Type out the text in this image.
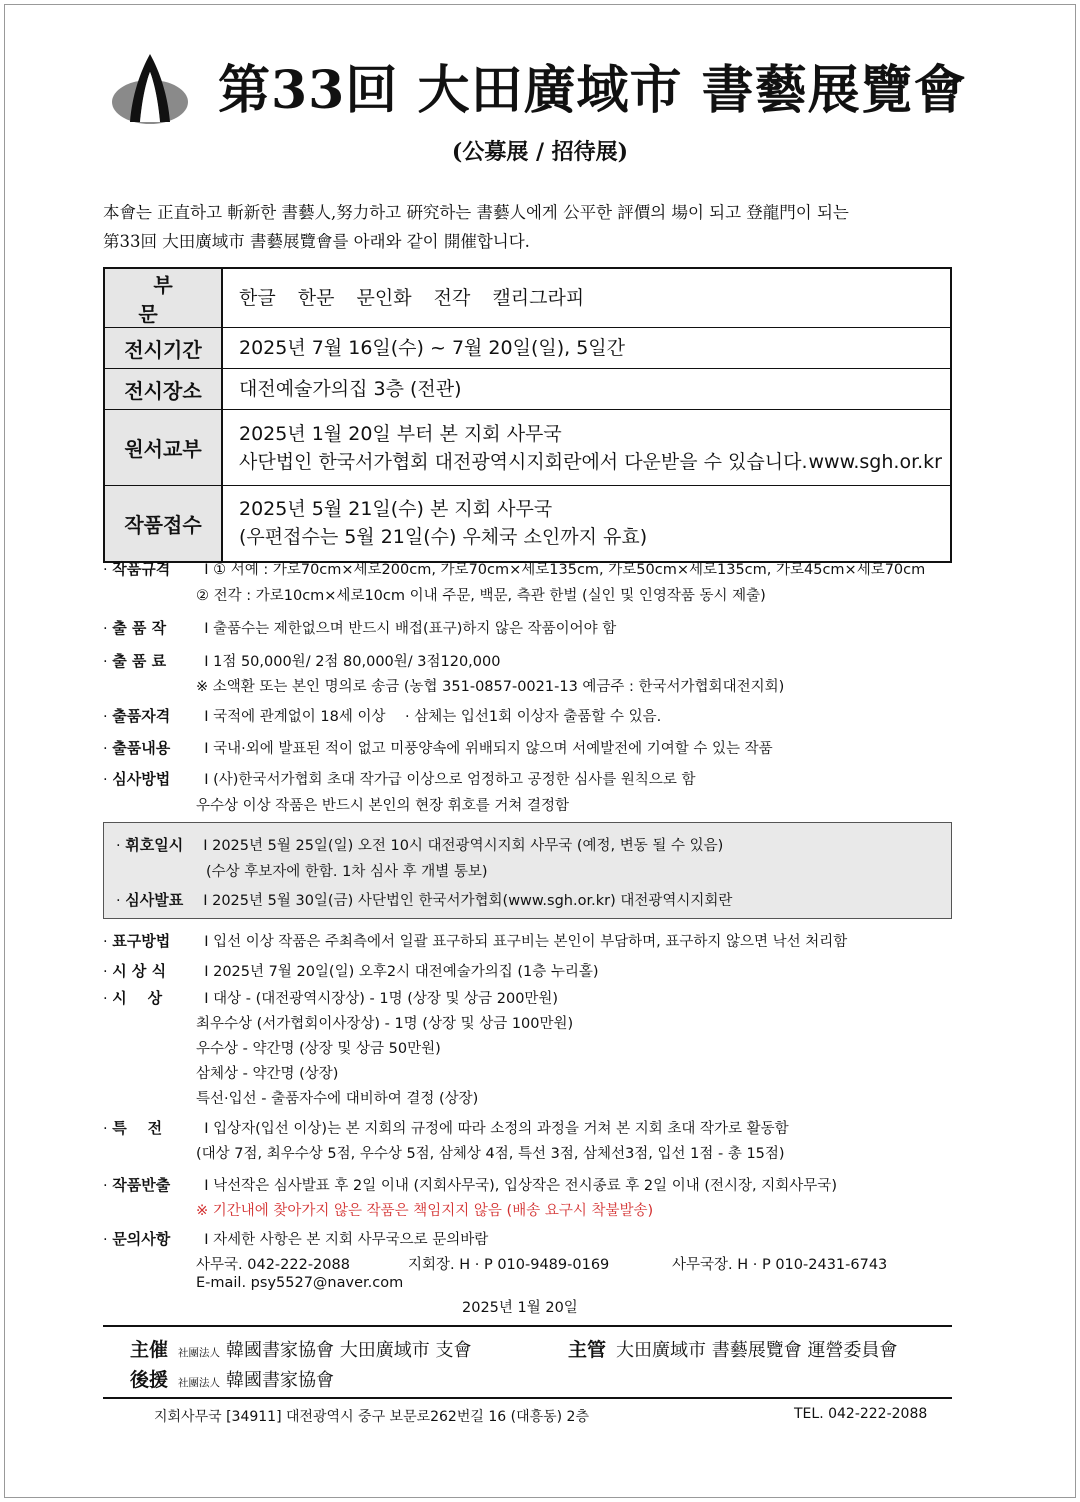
第33回 大田廣域市 書藝展覽會
(公募展 / 招待展)
本會는 正直하고 斬新한 書藝人,努力하고 硏究하는 書藝人에게 公平한 評價의 場이 되고 登龍門이 되는
第33回 大田廣域市 書藝展覽會를 아래와 같이 開催합니다.
부 문	한글 한문 문인화 전각 캘리그라피
전시기간	2025년 7월 16일(수) ~ 7월 20일(일), 5일간
전시장소	대전예술가의집 3층 (전관)
원서교부	2025년 1월 20일 부터 본 지회 사무국
사단법인 한국서가협회 대전광역시지회란에서 다운받을 수 있습니다. www.sgh.or.kr

작품접수	2025년 5월 21일(수) 본 지회 사무국
(우편접수는 5월 21일(수) 우체국 소인까지 유효)
· 작품규격 I ① 서예 : 가로70cm×세로200cm, 가로70cm×세로135cm, 가로50cm×세로135cm, 가로45cm×세로70cm
② 전각 : 가로10cm×세로10cm 이내 주문, 백문, 측관 한벌 (실인 및 인영작품 동시 제출)
· 출 품 작	I 출품수는 제한없으며 반드시 배접(표구)하지 않은 작품이어야 함
· 출 품 료	I 1점 50,000원/ 2점 80,000원/ 3점120,000
※ 소액환 또는 본인 명의로 송금 (농협 351-0857-0021-13 예금주 : 한국서가협회대전지회)
· 출품자격 I 국적에 관계없이 18세 이상 · 삼체는 입선1회 이상자 출품할 수 있음.
· 출품내용 I 국내·외에 발표된 적이 없고 미풍양속에 위배되지 않으며 서예발전에 기여할 수 있는 작품
· 심사방법 I (사)한국서가협회 초대 작가급 이상으로 엄정하고 공정한 심사를 원칙으로 함
우수상 이상 작품은 반드시 본인의 현장 휘호를 거쳐 결정함
· 휘호일시 I 2025년 5월 25일(일) 오전 10시 대전광역시지회 사무국 (예정, 변동 될 수 있음)
(수상 후보자에 한함. 1차 심사 후 개별 통보)
· 심사발표 I 2025년 5월 30일(금) 사단법인 한국서가협회(www.sgh.or.kr) 대전광역시지회란
· 표구방법 I 입선 이상 작품은 주최측에서 일괄 표구하되 표구비는 본인이 부담하며, 표구하지 않으면 낙선 처리함
· 시 상 식	I 2025년 7월 20일(일) 오후2시 대전예술가의집 (1층 누리홀)
· 시    상	I 대상 - (대전광역시장상) - 1명 (상장 및 상금 200만원)
최우수상 (서가협회이사장상) - 1명 (상장 및 상금 100만원)
우수상 - 약간명 (상장 및 상금 50만원)
삼체상 - 약간명 (상장)
특선·입선 - 출품자수에 대비하여 결정 (상장)
· 특    전	I 입상자(입선 이상)는 본 지회의 규정에 따라 소정의 과정을 거쳐 본 지회 초대 작가로 활동함
(대상 7점, 최우수상 5점, 우수상 5점, 삼체상 4점, 특선 3점, 삼체선3점, 입선 1점 - 총 15점)
· 작품반출 I 낙선작은 심사발표 후 2일 이내 (지회사무국), 입상작은 전시종료 후 2일 이내 (전시장, 지회사무국)
※ 기간내에 찾아가지 않은 작품은 책임지지 않음 (배송 요구시 착불발송)
· 문의사항 I 자세한 사항은 본 지회 사무국으로 문의바람
사무국. 042-222-2088	지회장. H · P 010-9489-0169	사무국장. H · P 010-2431-6743
E-mail. psy5527@naver.com
2025년 1월 20일
主催 社團法人 韓國書家協會 大田廣域市 支會	主管 大田廣域市 書藝展覽會 運營委員會
後援 社團法人 韓國書家協會
지회사무국 [34911] 대전광역시 중구 보문로262번길 16 (대흥동) 2층	TEL. 042-222-2088
